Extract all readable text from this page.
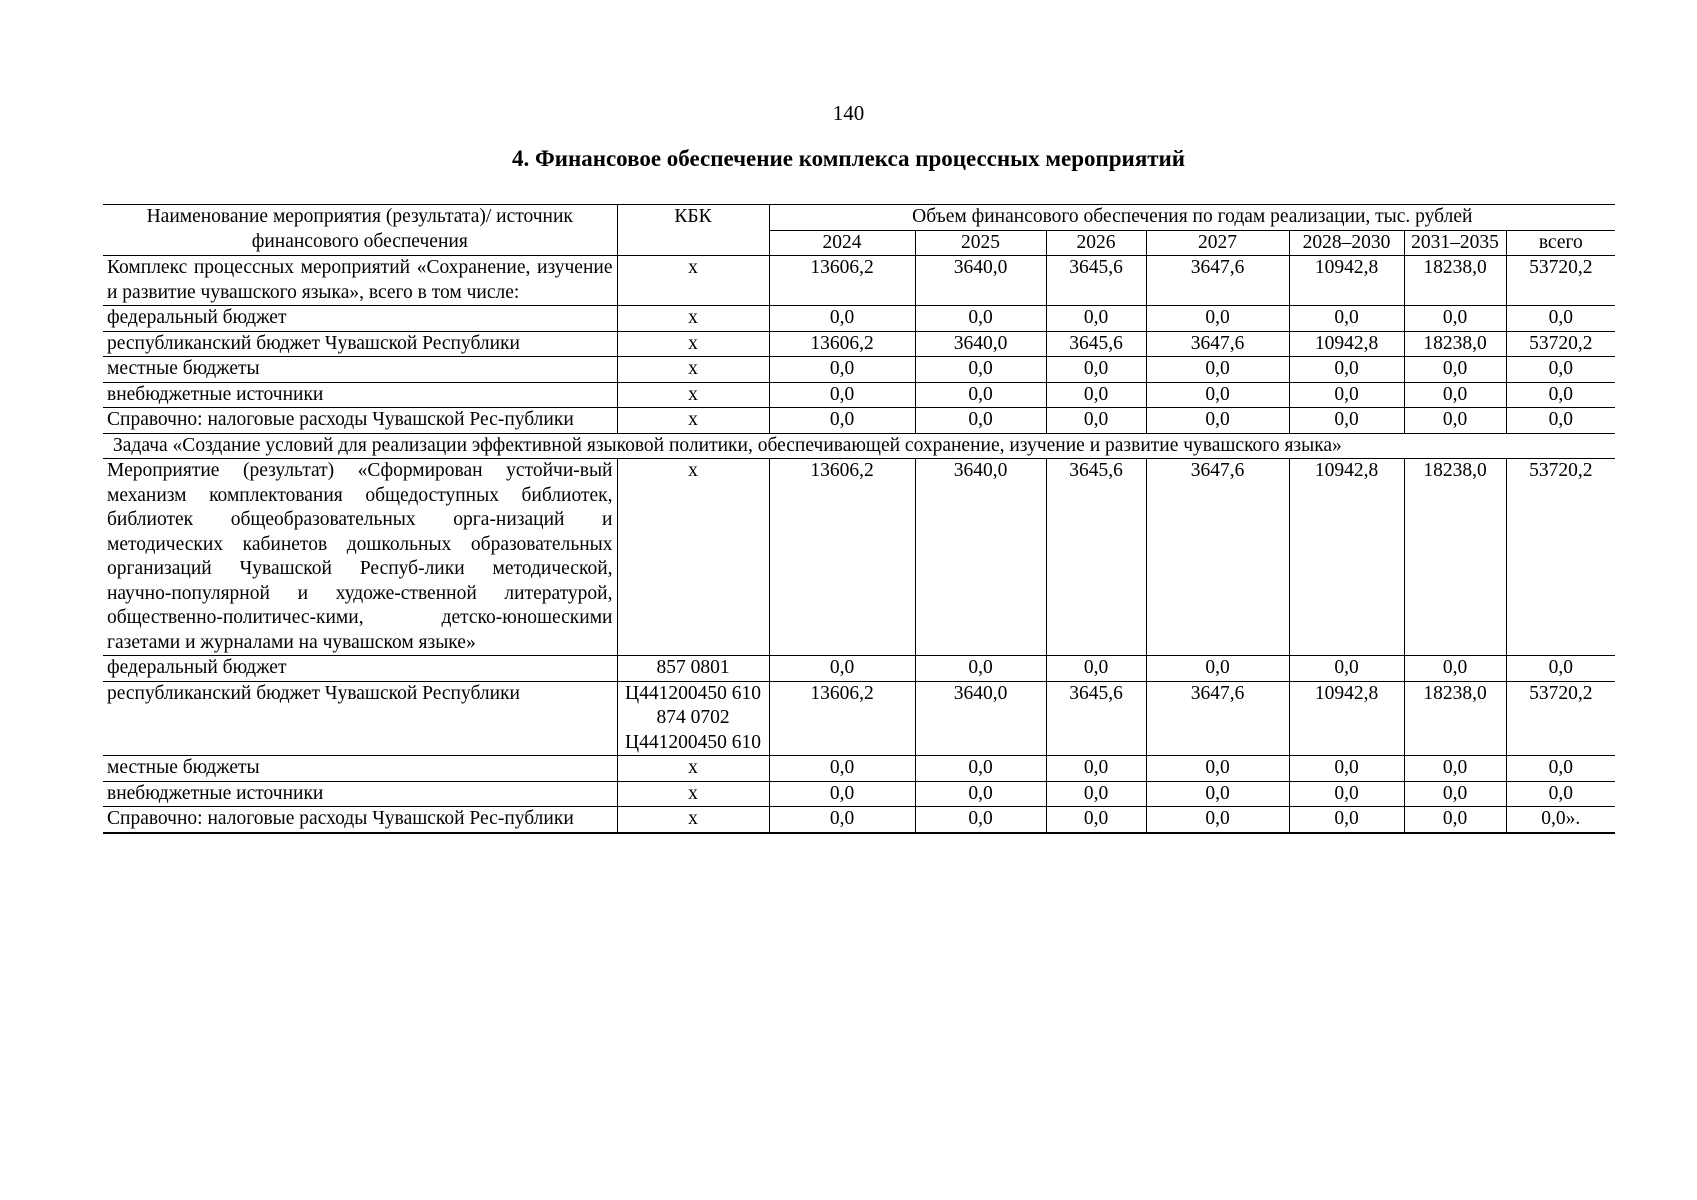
140
4. Финансовое обеспечение комплекса процессных мероприятий
Наименование мероприятия (результата)/ источник финансового обеспечения	КБК	Объем финансового обеспечения по годам реализации, тыс. рублей						
		2024	2025	2026	2027	2028–2030	2031–2035	всего
Комплекс процессных мероприятий «Сохранение, изучение и развитие чувашского языка», всего в том числе:	x	13606,2	3640,0	3645,6	3647,6	10942,8	18238,0	53720,2
федеральный бюджет	x	0,0	0,0	0,0	0,0	0,0	0,0	0,0
республиканский бюджет Чувашской Республики	x	13606,2	3640,0	3645,6	3647,6	10942,8	18238,0	53720,2
местные бюджеты	x	0,0	0,0	0,0	0,0	0,0	0,0	0,0
внебюджетные источники	x	0,0	0,0	0,0	0,0	0,0	0,0	0,0
Справочно: налоговые расходы Чувашской Рес-публики	x	0,0	0,0	0,0	0,0	0,0	0,0	0,0
Задача «Создание условий для реализации эффективной языковой политики, обеспечивающей сохранение, изучение и развитие чувашского языка»								
Мероприятие (результат) «Сформирован устойчи-вый механизм комплектования общедоступных библиотек, библиотек общеобразовательных орга-низаций и методических кабинетов дошкольных образовательных организаций Чувашской Респуб-лики методической, научно-популярной и художе-ственной литературой, общественно-политичес-кими, детско-юношескими газетами и журналами на чувашском языке»	x	13606,2	3640,0	3645,6	3647,6	10942,8	18238,0	53720,2
федеральный бюджет	857 0801	0,0	0,0	0,0	0,0	0,0	0,0	0,0
республиканский бюджет Чувашской Республики	Ц441200450 610 874 0702 Ц441200450 610	13606,2	3640,0	3645,6	3647,6	10942,8	18238,0	53720,2
местные бюджеты	x	0,0	0,0	0,0	0,0	0,0	0,0	0,0
внебюджетные источники	x	0,0	0,0	0,0	0,0	0,0	0,0	0,0
Справочно: налоговые расходы Чувашской Рес-публики	x	0,0	0,0	0,0	0,0	0,0	0,0	0,0».
